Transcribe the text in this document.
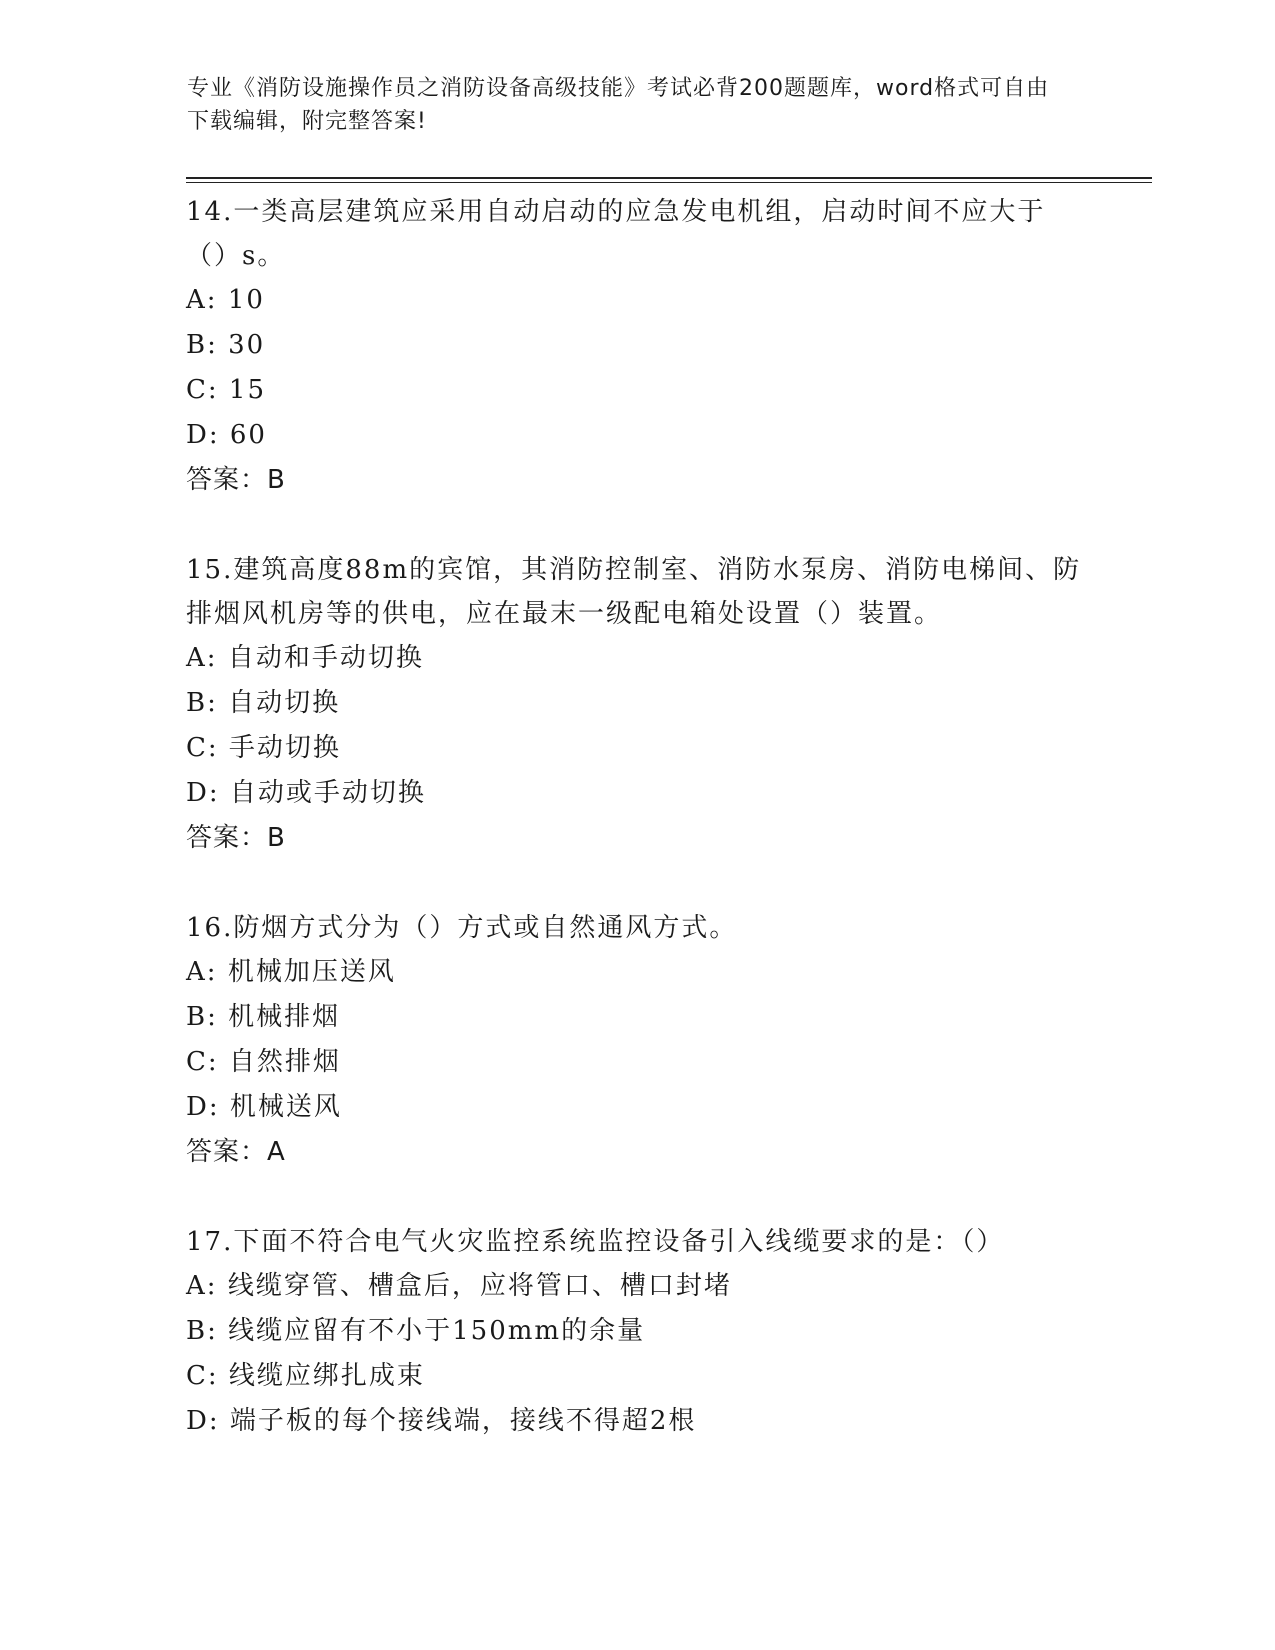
专业《消防设施操作员之消防设备高级技能》考试必背200题题库，word格式可自由下载编辑，附完整答案!
14.一类高层建筑应采用自动启动的应急发电机组，启动时间不应大于（）s。
A: 10
B: 30
C: 15
D: 60
答案：B
15.建筑高度88m的宾馆，其消防控制室、消防水泵房、消防电梯间、防排烟风机房等的供电，应在最末一级配电箱处设置（）装置。
A: 自动和手动切换
B: 自动切换
C: 手动切换
D: 自动或手动切换
答案：B
16.防烟方式分为（）方式或自然通风方式。
A: 机械加压送风
B: 机械排烟
C: 自然排烟
D: 机械送风
答案：A
17.下面不符合电气火灾监控系统监控设备引入线缆要求的是：（）
A: 线缆穿管、槽盒后，应将管口、槽口封堵
B: 线缆应留有不小于150mm的余量
C: 线缆应绑扎成束
D: 端子板的每个接线端，接线不得超2根
